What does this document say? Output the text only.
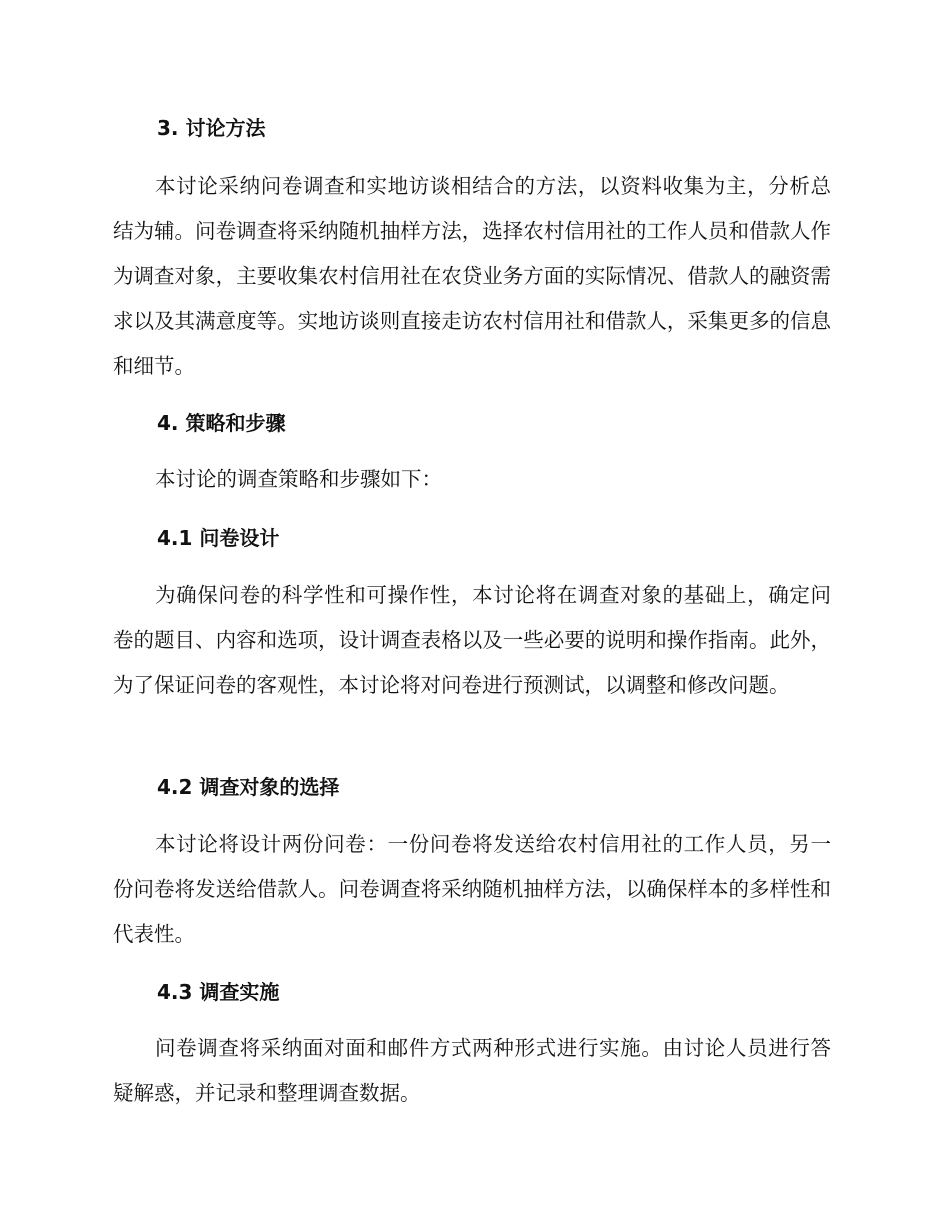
3. 讨论方法

本讨论采纳问卷调查和实地访谈相结合的方法，以资料收集为主，分析总结为辅。问卷调查将采纳随机抽样方法，选择农村信用社的工作人员和借款人作为调查对象，主要收集农村信用社在农贷业务方面的实际情况、借款人的融资需求以及其满意度等。实地访谈则直接走访农村信用社和借款人，采集更多的信息和细节。

4. 策略和步骤

本讨论的调查策略和步骤如下：

4.1 问卷设计

为确保问卷的科学性和可操作性，本讨论将在调查对象的基础上，确定问卷的题目、内容和选项，设计调查表格以及一些必要的说明和操作指南。此外，为了保证问卷的客观性，本讨论将对问卷进行预测试，以调整和修改问题。

4.2 调查对象的选择

本讨论将设计两份问卷：一份问卷将发送给农村信用社的工作人员，另一份问卷将发送给借款人。问卷调查将采纳随机抽样方法，以确保样本的多样性和代表性。

4.3 调查实施

问卷调查将采纳面对面和邮件方式两种形式进行实施。由讨论人员进行答疑解惑，并记录和整理调查数据。
